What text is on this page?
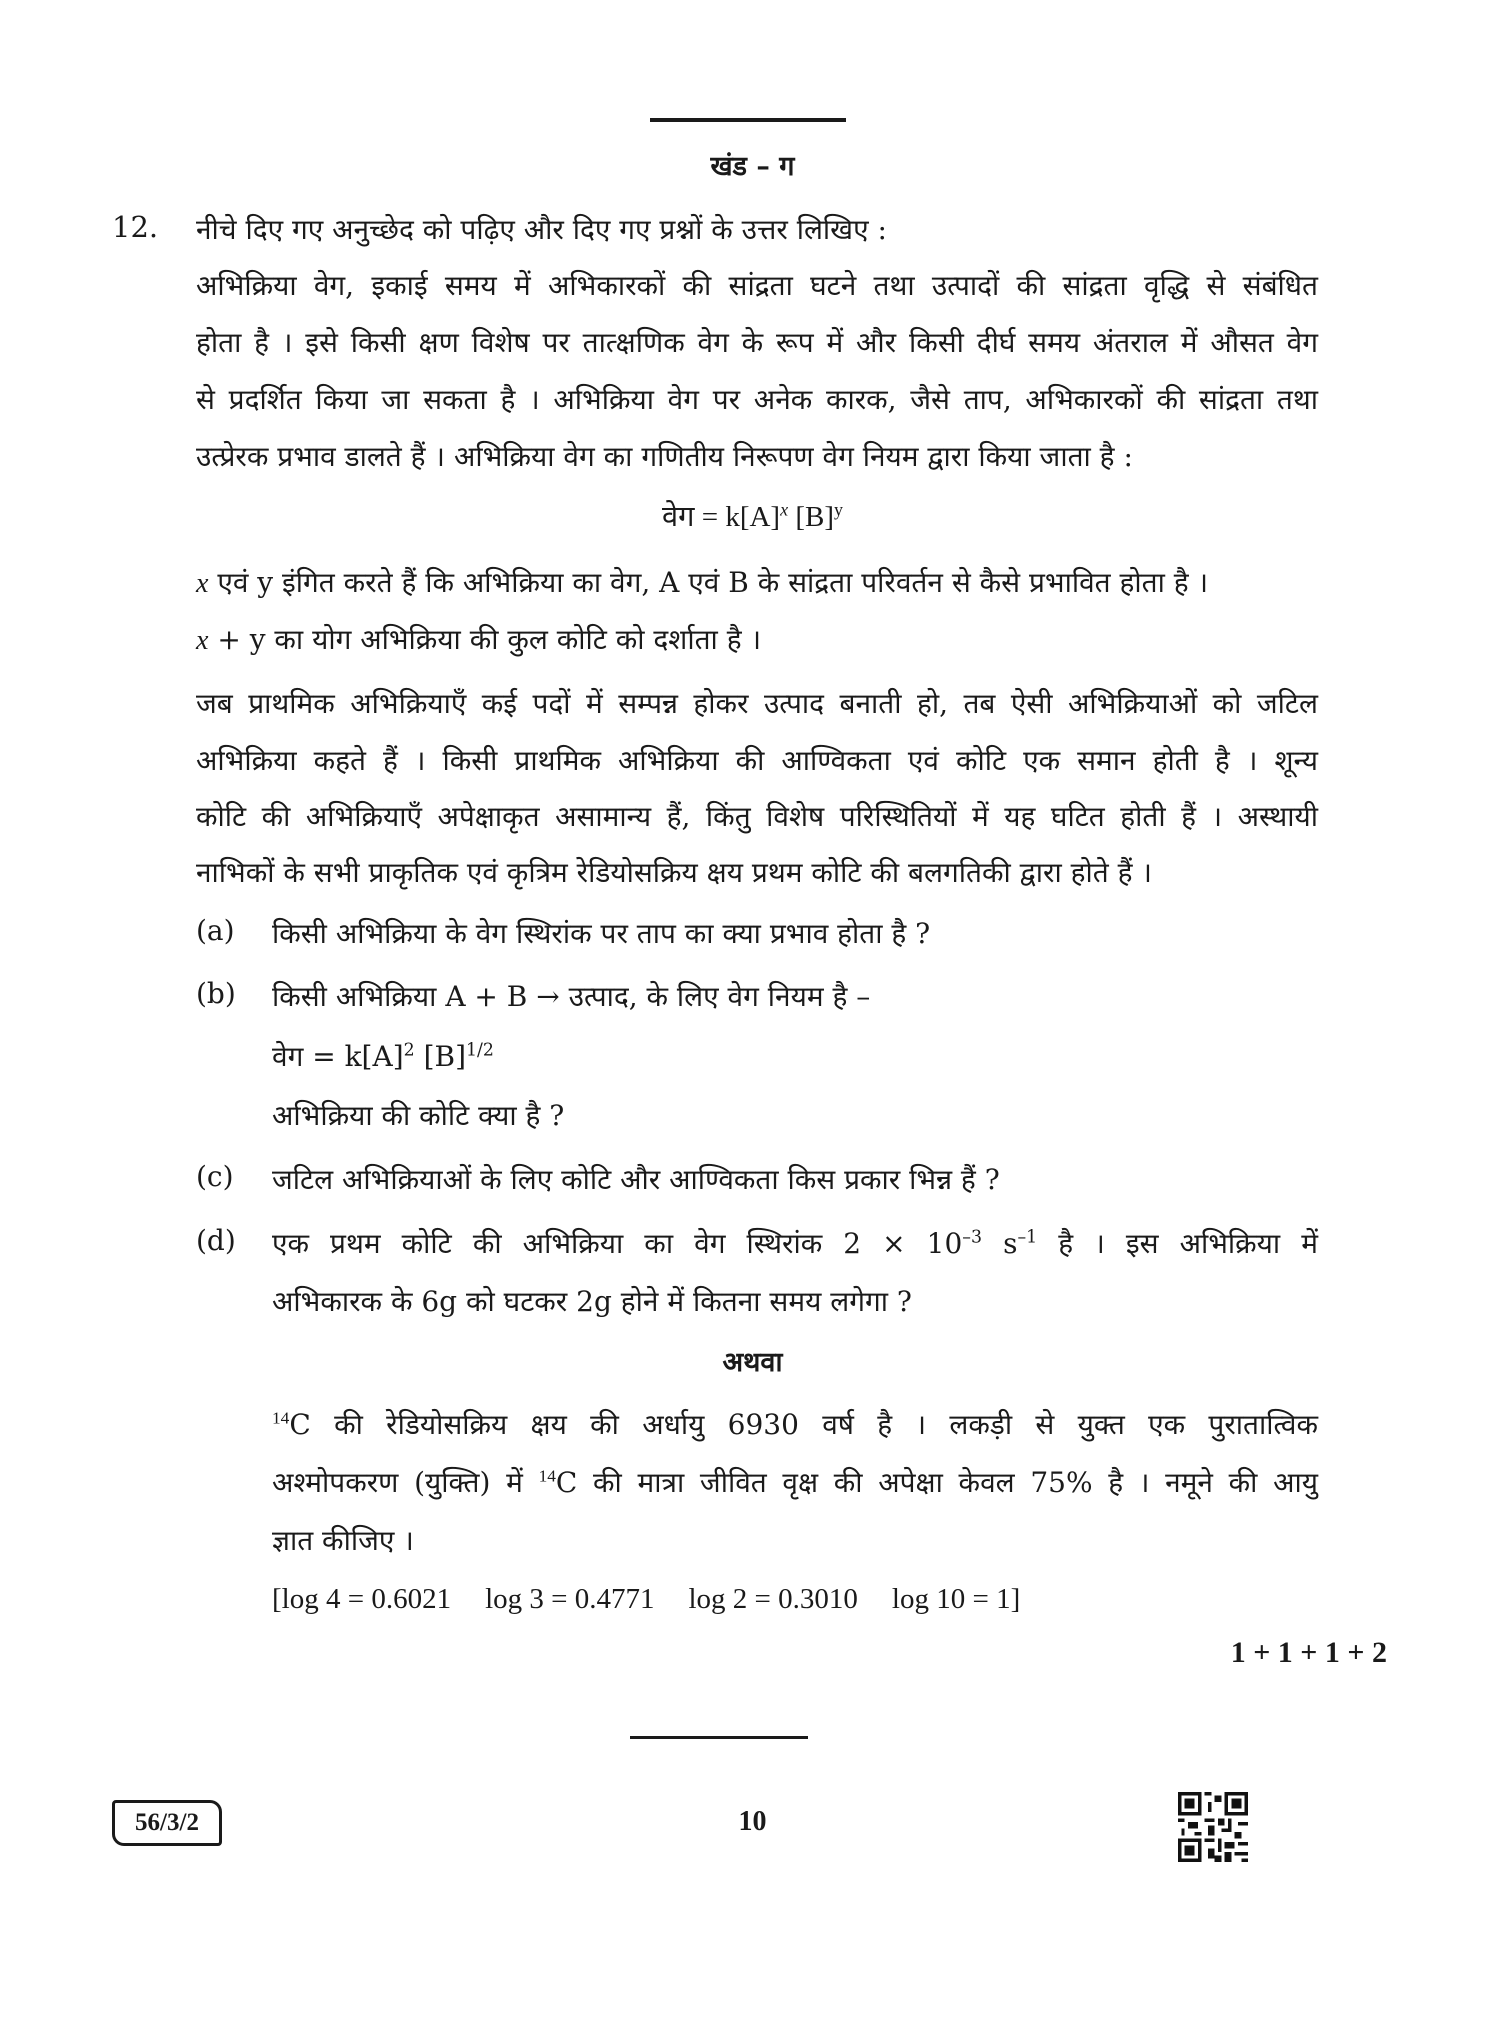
खंड – ग
12. नीचे दिए गए अनुच्छेद को पढ़िए और दिए गए प्रश्नों के उत्तर लिखिए :
अभिक्रिया वेग, इकाई समय में अभिकारकों की सांद्रता घटने तथा उत्पादों की सांद्रता वृद्धि से संबंधित
होता है । इसे किसी क्षण विशेष पर तात्क्षणिक वेग के रूप में और किसी दीर्घ समय अंतराल में औसत वेग
से प्रदर्शित किया जा सकता है । अभिक्रिया वेग पर अनेक कारक, जैसे ताप, अभिकारकों की सांद्रता तथा
उत्प्रेरक प्रभाव डालते हैं । अभिक्रिया वेग का गणितीय निरूपण वेग नियम द्वारा किया जाता है :
वेग = $k[A]^x$ $[B]^y$
x एवं y इंगित करते हैं कि अभिक्रिया का वेग, A एवं B के सांद्रता परिवर्तन से कैसे प्रभावित होता है ।
x + y का योग अभिक्रिया की कुल कोटि को दर्शाता है ।
जब प्राथमिक अभिक्रियाएँ कई पदों में सम्पन्न होकर उत्पाद बनाती हो, तब ऐसी अभिक्रियाओं को जटिल
अभिक्रिया कहते हैं । किसी प्राथमिक अभिक्रिया की आण्विकता एवं कोटि एक समान होती है । शून्य
कोटि की अभिक्रियाएँ अपेक्षाकृत असामान्य हैं, किंतु विशेष परिस्थितियों में यह घटित होती हैं । अस्थायी
नाभिकों के सभी प्राकृतिक एवं कृत्रिम रेडियोसक्रिय क्षय प्रथम कोटि की बलगतिकी द्वारा होते हैं ।
(a) किसी अभिक्रिया के वेग स्थिरांक पर ताप का क्या प्रभाव होता है ?
(b) किसी अभिक्रिया A + B → उत्पाद, के लिए वेग नियम है –
वेग = $k[A]^2$ $[B]^{1/2}$
अभिक्रिया की कोटि क्या है ?
(c) जटिल अभिक्रियाओं के लिए कोटि और आण्विकता किस प्रकार भिन्न हैं ?
(d) एक प्रथम कोटि की अभिक्रिया का वेग स्थिरांक $2 \times 10^{-3}$ $s^{-1}$ है । इस अभिक्रिया में
अभिकारक के 6g को घटकर 2g होने में कितना समय लगेगा ?
अथवा
$^{14}$C की रेडियोसक्रिय क्षय की अर्धायु 6930 वर्ष है । लकड़ी से युक्त एक पुरातात्विक
अश्मोपकरण (युक्ति) में $^{14}$C की मात्रा जीवित वृक्ष की अपेक्षा केवल 75% है । नमूने की आयु
ज्ञात कीजिए ।
[log 4 = 0.6021 log 3 = 0.4771 log 2 = 0.3010 log 10 = 1]
1 + 1 + 1 + 2
56/3/2	10
